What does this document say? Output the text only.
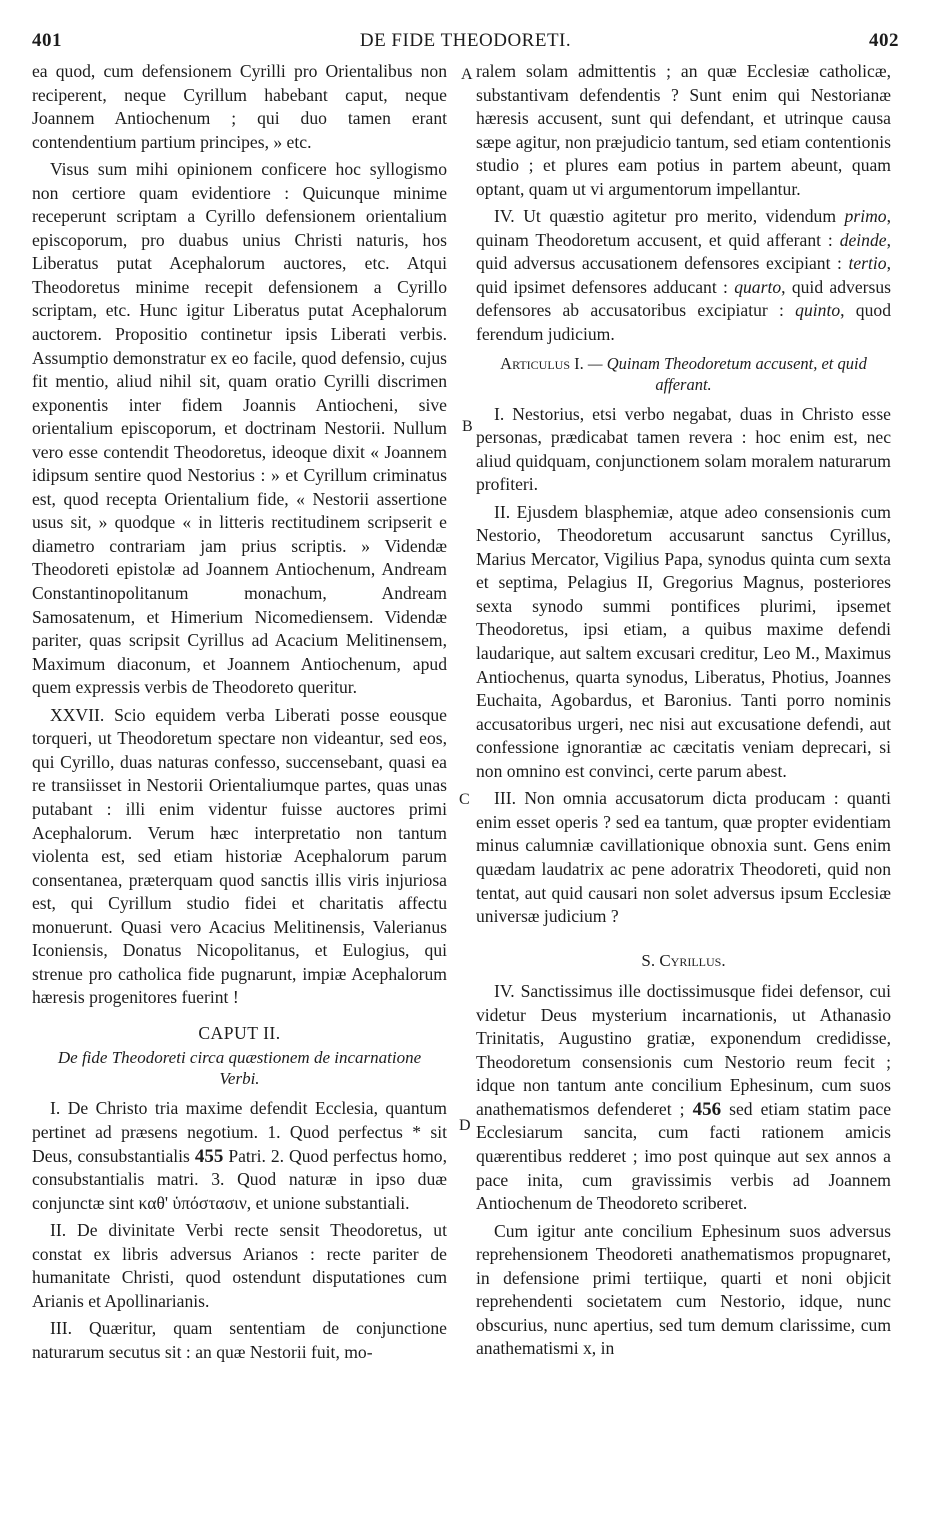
401	DE FIDE THEODORETI.	402
A
B
C
D

ea quod, cum defensionem Cyrilli pro Orientalibus non reciperent, neque Cyrillum habebant caput, neque Joannem Antiochenum ; qui duo tamen erant contendentium partium principes, » etc.

Visus sum mihi opinionem conficere hoc syllogismo non certiore quam evidentiore : Quicunque minime receperunt scriptam a Cyrillo defensionem orientalium episcoporum, pro duabus unius Christi naturis, hos Liberatus putat Acephalorum auctores, etc. Atqui Theodoretus minime recepit defensionem a Cyrillo scriptam, etc. Hunc igitur Liberatus putat Acephalorum auctorem. Propositio continetur ipsis Liberati verbis. Assumptio demonstratur ex eo facile, quod defensio, cujus fit mentio, aliud nihil sit, quam oratio Cyrilli discrimen exponentis inter fidem Joannis Antiocheni, sive orientalium episcoporum, et doctrinam Nestorii. Nullum vero esse contendit Theodoretus, ideoque dixit « Joannem idipsum sentire quod Nestorius : » et Cyrillum criminatus est, quod recepta Orientalium fide, « Nestorii assertione usus sit, » quodque « in litteris rectitudinem scripserit e diametro contrariam jam prius scriptis. » Videndæ Theodoreti epistolæ ad Joannem Antiochenum, Andream Constantinopolitanum monachum, Andream Samosatenum, et Himerium Nicomediensem. Videndæ pariter, quas scripsit Cyrillus ad Acacium Melitinensem, Maximum diaconum, et Joannem Antiochenum, apud quem expressis verbis de Theodoreto queritur.

XXVII. Scio equidem verba Liberati posse eousque torqueri, ut Theodoretum spectare non videantur, sed eos, qui Cyrillo, duas naturas confesso, succensebant, quasi ea re transiisset in Nestorii Orientaliumque partes, quas unas putabant : illi enim videntur fuisse auctores primi Acephalorum. Verum hæc interpretatio non tantum violenta est, sed etiam historiæ Acephalorum parum consentanea, præterquam quod sanctis illis viris injuriosa est, qui Cyrillum studio fidei et charitatis affectu monuerunt. Quasi vero Acacius Melitinensis, Valerianus Iconiensis, Donatus Nicopolitanus, et Eulogius, qui strenue pro catholica fide pugnarunt, impiæ Acephalorum hæresis progenitores fuerint !

CAPUT II.
De fide Theodoreti circa quæstionem de incarnatione Verbi.

I. De Christo tria maxime defendit Ecclesia, quantum pertinet ad præsens negotium. 1. Quod perfectus * sit Deus, consubstantialis 455 Patri. 2. Quod perfectus homo, consubstantialis matri. 3. Quod naturæ in ipso duæ conjunctæ sint καθ' ὑπόστασιν, et unione substantiali.

II. De divinitate Verbi recte sensit Theodoretus, ut constat ex libris adversus Arianos : recte pariter de humanitate Christi, quod ostendunt disputationes cum Arianis et Apollinarianis.

III. Quæritur, quam sententiam de conjunctione naturarum secutus sit : an quæ Nestorii fuit, mo-

ralem solam admittentis ; an quæ Ecclesiæ catholicæ, substantivam defendentis ? Sunt enim qui Nestorianæ hæresis accusent, sunt qui defendant, et utrinque causa sæpe agitur, non præjudicio tantum, sed etiam contentionis studio ; et plures eam potius in partem abeunt, quam optant, quam ut vi argumentorum impellantur.

IV. Ut quæstio agitetur pro merito, videndum primo, quinam Theodoretum accusent, et quid afferant : deinde, quid adversus accusationem defensores excipiant : tertio, quid ipsimet defensores adducant : quarto, quid adversus defensores ab accusatoribus excipiatur : quinto, quod ferendum judicium.

Articulus I. — Quinam Theodoretum accusent, et quid afferant.

I. Nestorius, etsi verbo negabat, duas in Christo esse personas, prædicabat tamen revera : hoc enim est, nec aliud quidquam, conjunctionem solam moralem naturarum profiteri.

II. Ejusdem blasphemiæ, atque adeo consensionis cum Nestorio, Theodoretum accusarunt sanctus Cyrillus, Marius Mercator, Vigilius Papa, synodus quinta cum sexta et septima, Pelagius II, Gregorius Magnus, posteriores sexta synodo summi pontifices plurimi, ipsemet Theodoretus, ipsi etiam, a quibus maxime defendi laudarique, aut saltem excusari creditur, Leo M., Maximus Antiochenus, quarta synodus, Liberatus, Photius, Joannes Euchaita, Agobardus, et Baronius. Tanti porro nominis accusatoribus urgeri, nec nisi aut excusatione defendi, aut confessione ignorantiæ ac cæcitatis veniam deprecari, si non omnino est convinci, certe parum abest.

III. Non omnia accusatorum dicta producam : quanti enim esset operis ? sed ea tantum, quæ propter evidentiam minus calumniæ cavillationique obnoxia sunt. Gens enim quædam laudatrix ac pene adoratrix Theodoreti, quid non tentat, aut quid causari non solet adversus ipsum Ecclesiæ universæ judicium ?

S. Cyrillus.

IV. Sanctissimus ille doctissimusque fidei defensor, cui videtur Deus mysterium incarnationis, ut Athanasio Trinitatis, Augustino gratiæ, exponendum credidisse, Theodoretum consensionis cum Nestorio reum fecit ; idque non tantum ante concilium Ephesinum, cum suos anathematismos defenderet ; 456 sed etiam statim pace Ecclesiarum sancita, cum facti rationem amicis quærentibus redderet ; imo post quinque aut sex annos a pace inita, cum gravissimis verbis ad Joannem Antiochenum de Theodoreto scriberet.

Cum igitur ante concilium Ephesinum suos adversus reprehensionem Theodoreti anathematismos propugnaret, in defensione primi tertiique, quarti et noni objicit reprehendenti societatem cum Nestorio, idque, nunc obscurius, nunc apertius, sed tum demum clarissime, cum anathematismi x, in
